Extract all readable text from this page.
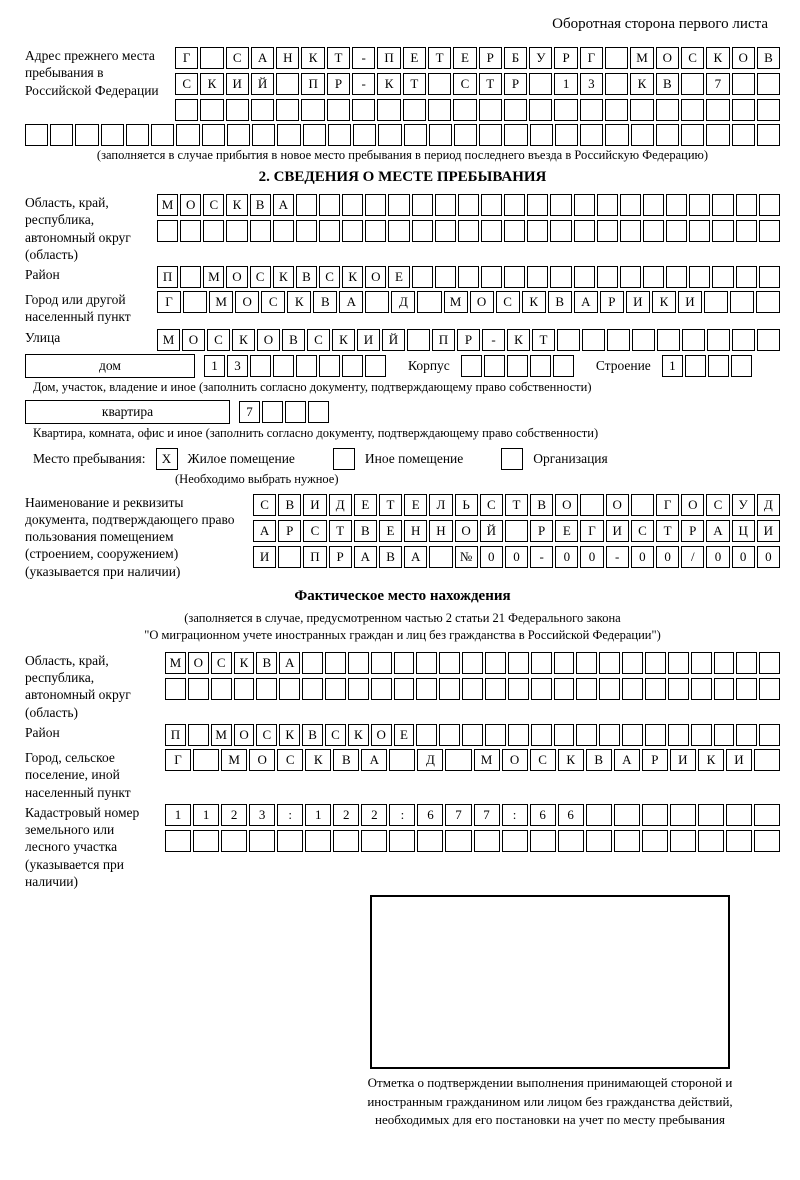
Оборотная сторона первого листа
Адрес прежнего места пребывания в Российской Федерации
Г	С	А	Н	К	Т	-	П	Е	Т	Е	Р	Б	У	Р	Г	М	О	С	К	О	В
С	К	И	Й	П	Р	-	К	Т	С	Т	Р	1	3	К	В	7
(заполняется в случае прибытия в новое место пребывания в период последнего въезда в Российскую Федерацию)
2. СВЕДЕНИЯ О МЕСТЕ ПРЕБЫВАНИЯ
Область, край, республика, автономный округ (область)
М О	С	К	В	А
Район	П	М О	С	К	В	С	К	О	Е
Город или другой населенный пункт
Г	М	О	С	К	В	А	Д	М	О	С	К	В	А	Р	И	К	И
Улица	М	О	С	К	О	В	С	К	И	Й	П	Р	-	К	Т
дом	1	3	Корпус	Строение	1
Дом, участок, владение и иное (заполнить согласно документу, подтверждающему право собственности)
квартира	7
Квартира, комната, офис и иное (заполнить согласно документу, подтверждающему право собственности)
Место пребывания:	X	Жилое помещение	Иное помещение	Организация
(Необходимо выбрать нужное)
Наименование и реквизиты документа, подтверждающего право пользования помещением (строением, сооружением) (указывается при наличии)
С	В	И	Д	Е	Т	Е	Л	Ь	С	Т	В	О	О	Г	О	С	У	Д
А	Р	С	Т	В	Е	Н	Н	О	Й	Р	Е	Г	И	С	Т	Р	А	Ц	И
И	П	Р	А	В	А	№	0	0	-	0	0	-	0	0	/	0	0	0
Фактическое место нахождения
(заполняется в случае, предусмотренном частью 2 статьи 21 Федерального закона
"О миграционном учете иностранных граждан и лиц без гражданства в Российской Федерации")
Область, край, республика, автономный округ (область)
М О	С	К	В	А
Район	П	М О	С	К	В	С	К	О	Е
Город, сельское поселение, иной населенный пункт
Г	М	О	С	К	В	А	Д	М	О	С	К	В	А	Р	И	К	И
Кадастровый номер земельного или лесного участка (указывается при наличии)
1	1	2	3	:	1	2	2	:	6	7	7	:	6	6
Отметка о подтверждении выполнения принимающей стороной и иностранным гражданином или лицом без гражданства действий, необходимых для его постановки на учет по месту пребывания
